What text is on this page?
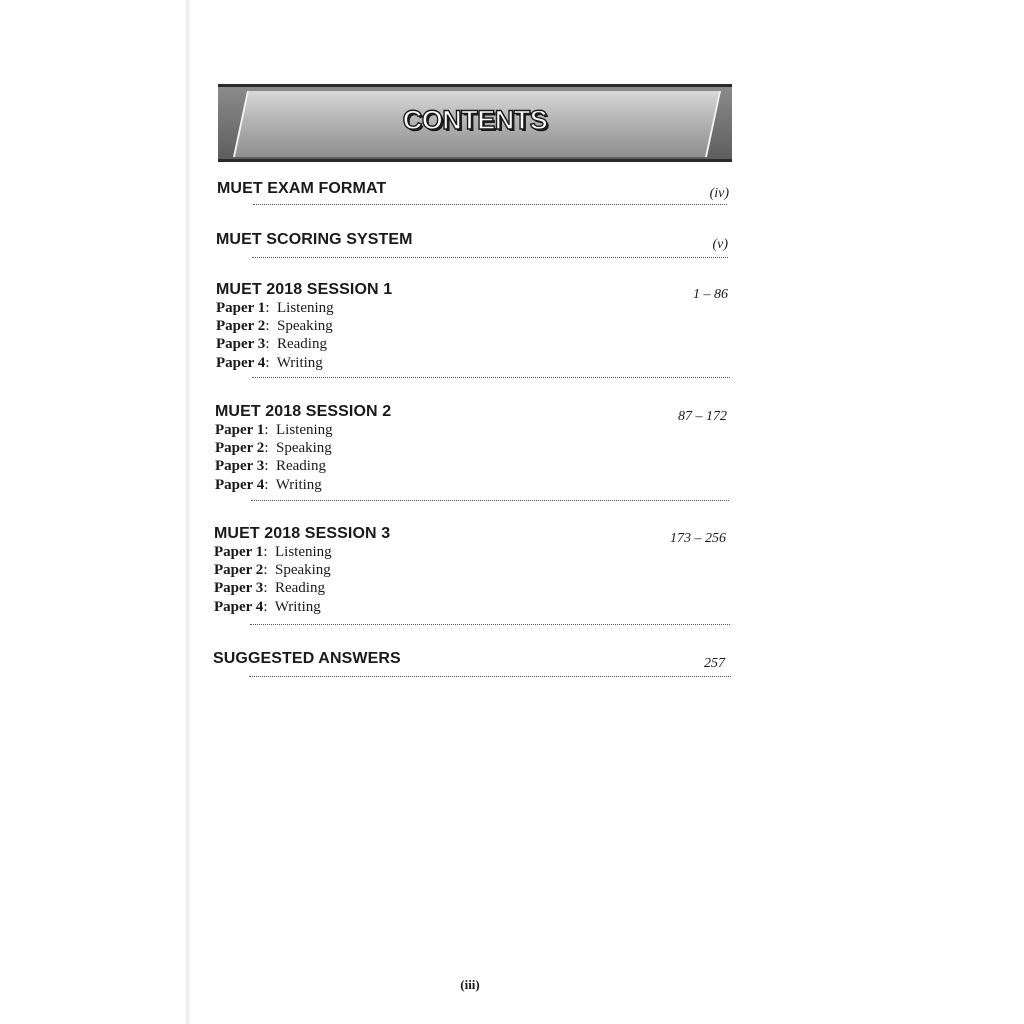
CONTENTS
MUET EXAM FORMAT	(iv)
MUET SCORING SYSTEM	(v)
MUET 2018 SESSION 1	1 – 86
Paper 1:  Listening
Paper 2:  Speaking
Paper 3:  Reading
Paper 4:  Writing
MUET 2018 SESSION 2	87 – 172
Paper 1:  Listening
Paper 2:  Speaking
Paper 3:  Reading
Paper 4:  Writing
MUET 2018 SESSION 3	173 – 256
Paper 1:  Listening
Paper 2:  Speaking
Paper 3:  Reading
Paper 4:  Writing
SUGGESTED ANSWERS	257
(iii)
